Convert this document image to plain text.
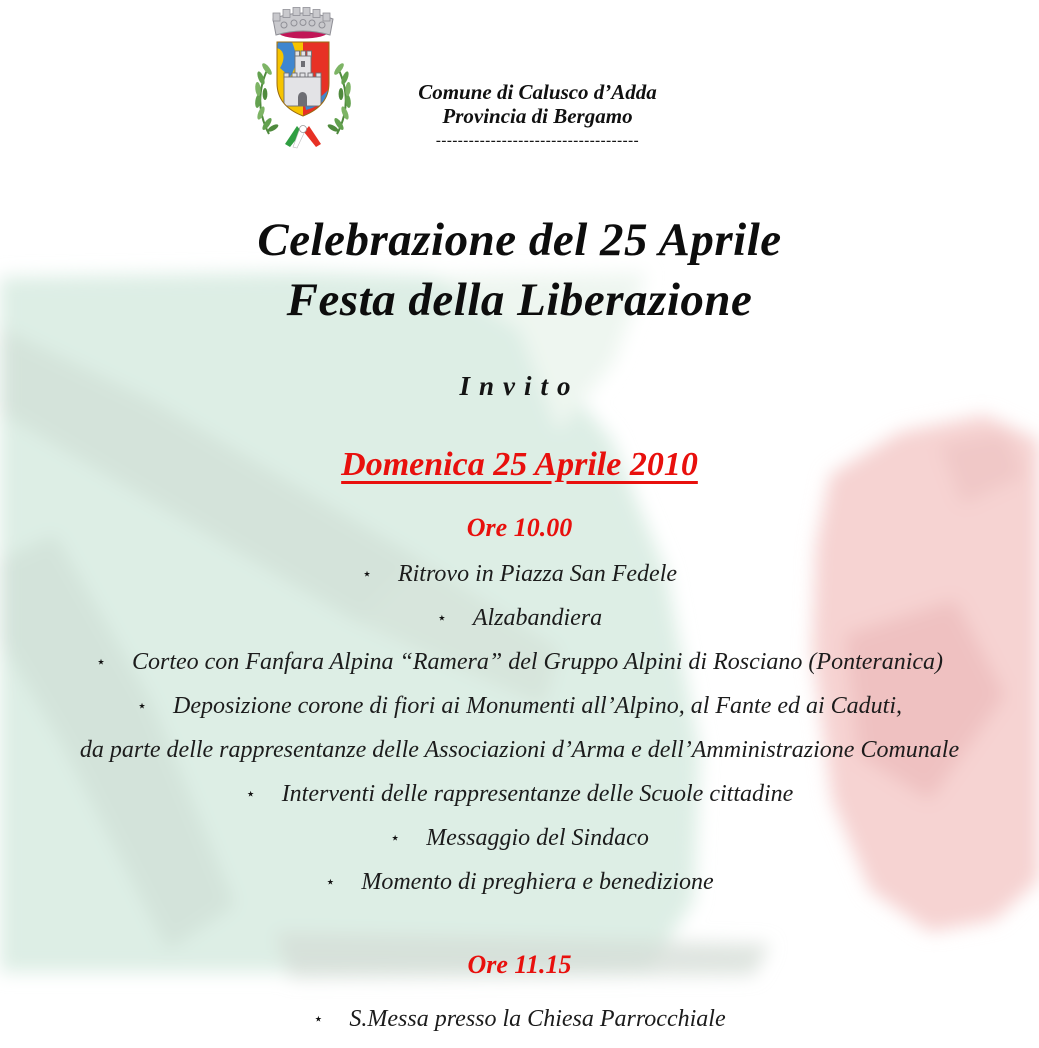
Comune di Calusco d’Adda
Provincia di Bergamo
-------------------------------------
Celebrazione del 25 Aprile
Festa della Liberazione
Invito
Domenica 25 Aprile 2010
Ore 10.00
⋆ Ritrovo in Piazza San Fedele
⋆ Alzabandiera
⋆ Corteo con Fanfara Alpina “Ramera” del Gruppo Alpini di Rosciano (Ponteranica)
⋆ Deposizione corone di fiori ai Monumenti all’Alpino, al Fante ed ai Caduti,
da parte delle rappresentanze delle Associazioni d’Arma e dell’Amministrazione Comunale
⋆ Interventi delle rappresentanze delle Scuole cittadine
⋆ Messaggio del Sindaco
⋆ Momento di preghiera e benedizione
Ore 11.15
⋆ S.Messa presso la Chiesa Parrocchiale
